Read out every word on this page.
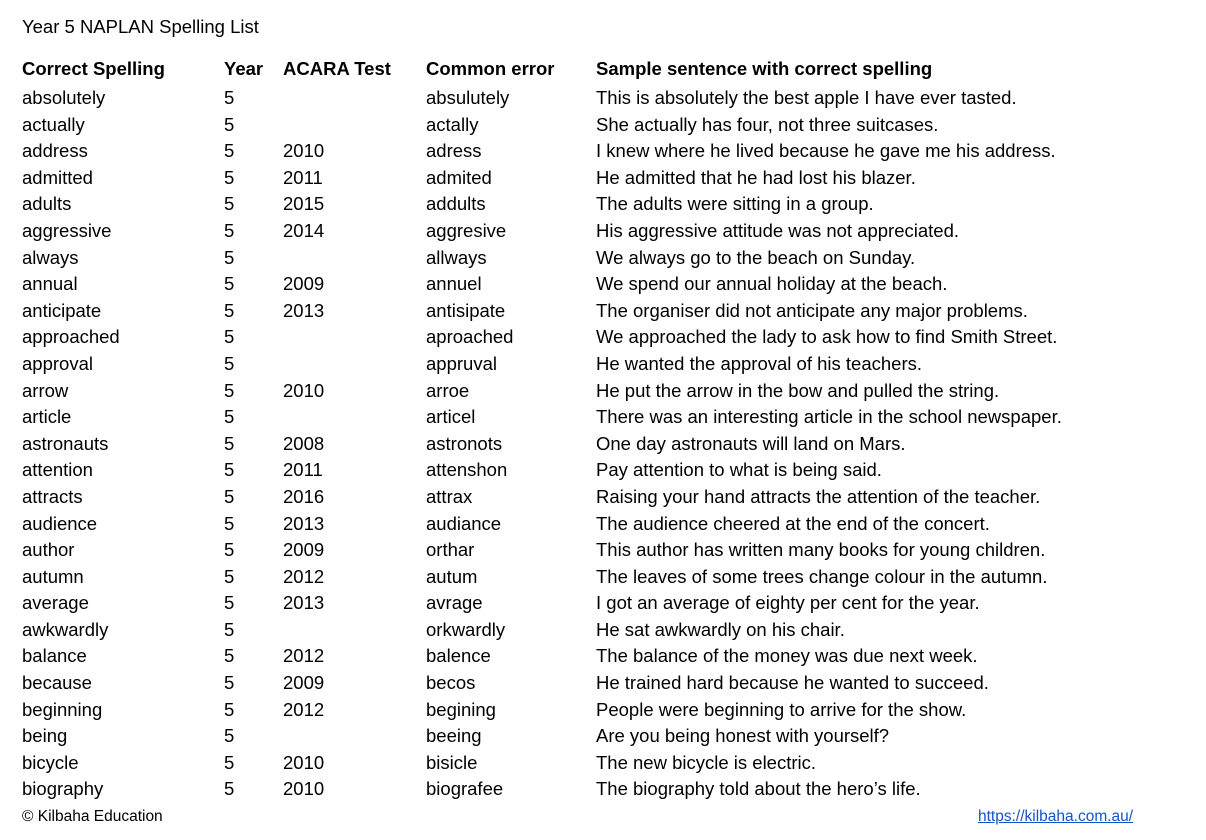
Year 5 NAPLAN Spelling List
Correct Spelling	Year	ACARA Test	Common error	Sample sentence with correct spelling
absolutely	5		absulutely	This is absolutely the best apple I have ever tasted.
actually	5		actally	She actually has four, not three suitcases.
address	5	2010	adress	I knew where he lived because he gave me his address.
admitted	5	2011	admited	He admitted that he had lost his blazer.
adults	5	2015	addults	The adults were sitting in a group.
aggressive	5	2014	aggresive	His aggressive attitude was not appreciated.
always	5		allways	We always go to the beach on Sunday.
annual	5	2009	annuel	We spend our annual holiday at the beach.
anticipate	5	2013	antisipate	The organiser did not anticipate any major problems.
approached	5		aproached	We approached the lady to ask how to find Smith Street.
approval	5		appruval	He wanted the approval of his teachers.
arrow	5	2010	arroe	He put the arrow in the bow and pulled the string.
article	5		articel	There was an interesting article in the school newspaper.
astronauts	5	2008	astronots	One day astronauts will land on Mars.
attention	5	2011	attenshon	Pay attention to what is being said.
attracts	5	2016	attrax	Raising your hand attracts the attention of the teacher.
audience	5	2013	audiance	The audience cheered at the end of the concert.
author	5	2009	orthar	This author has written many books for young children.
autumn	5	2012	autum	The leaves of some trees change colour in the autumn.
average	5	2013	avrage	I got an average of eighty per cent for the year.
awkwardly	5		orkwardly	He sat awkwardly on his chair.
balance	5	2012	balence	The balance of the money was due next week.
because	5	2009	becos	He trained hard because he wanted to succeed.
beginning	5	2012	begining	People were beginning to arrive for the show.
being	5		beeing	Are you being honest with yourself?
bicycle	5	2010	bisicle	The new bicycle is electric.
biography	5	2010	biografee	The biography told about the hero’s life.
© Kilbaha Education	https://kilbaha.com.au/
